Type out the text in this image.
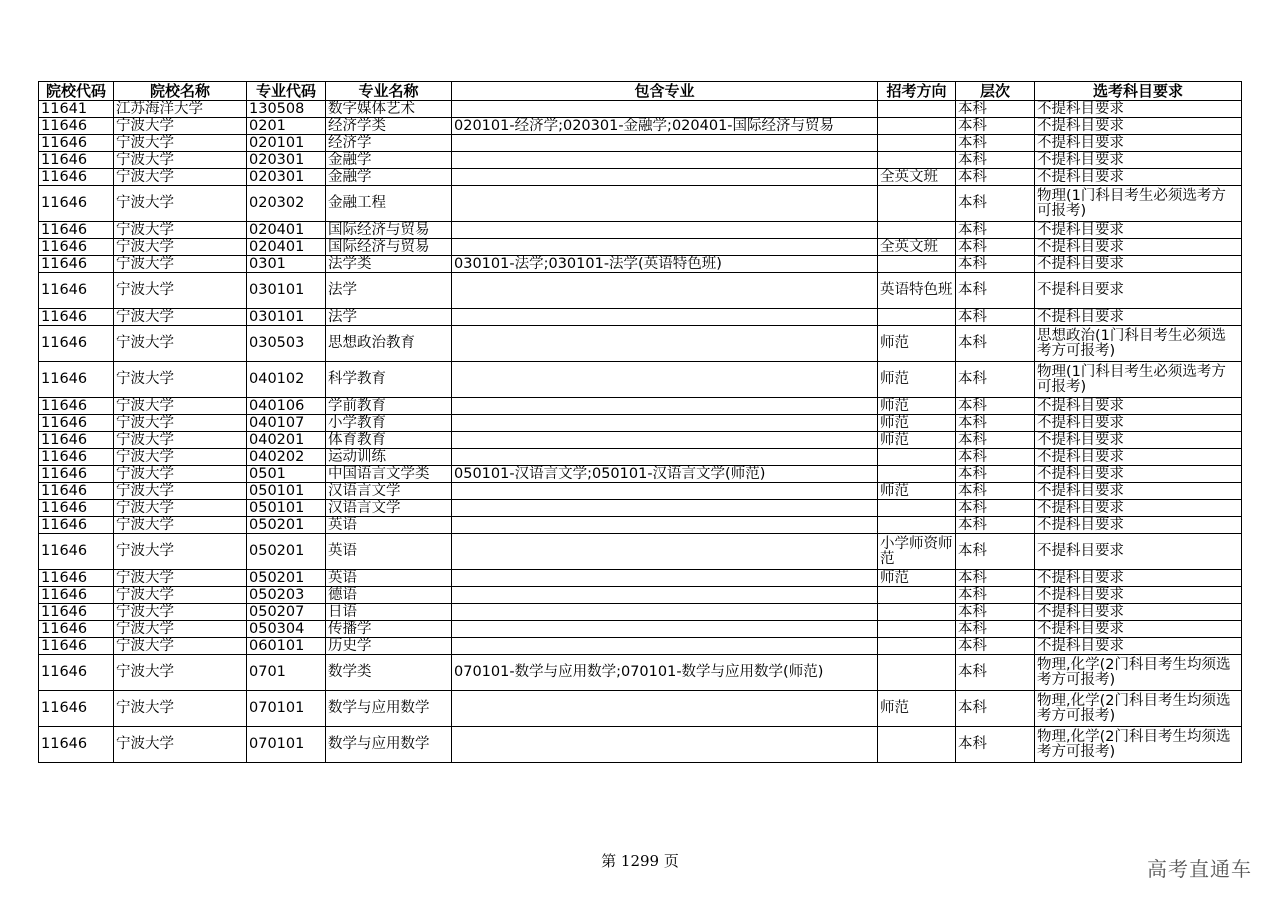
院校代码	院校名称	专业代码	专业名称	包含专业	招考方向	层次	选考科目要求
11641	江苏海洋大学	130508	数字媒体艺术			本科	不提科目要求
11646	宁波大学	0201	经济学类	020101-经济学;020301-金融学;020401-国际经济与贸易		本科	不提科目要求
11646	宁波大学	020101	经济学			本科	不提科目要求
11646	宁波大学	020301	金融学			本科	不提科目要求
11646	宁波大学	020301	金融学		全英文班	本科	不提科目要求
11646	宁波大学	020302	金融工程			本科	物理(1门科目考生必须选考方可报考)
11646	宁波大学	020401	国际经济与贸易			本科	不提科目要求
11646	宁波大学	020401	国际经济与贸易		全英文班	本科	不提科目要求
11646	宁波大学	0301	法学类	030101-法学;030101-法学(英语特色班)		本科	不提科目要求
11646	宁波大学	030101	法学		英语特色班	本科	不提科目要求
11646	宁波大学	030101	法学			本科	不提科目要求
11646	宁波大学	030503	思想政治教育		师范	本科	思想政治(1门科目考生必须选考方可报考)
11646	宁波大学	040102	科学教育		师范	本科	物理(1门科目考生必须选考方可报考)
11646	宁波大学	040106	学前教育		师范	本科	不提科目要求
11646	宁波大学	040107	小学教育		师范	本科	不提科目要求
11646	宁波大学	040201	体育教育		师范	本科	不提科目要求
11646	宁波大学	040202	运动训练			本科	不提科目要求
11646	宁波大学	0501	中国语言文学类	050101-汉语言文学;050101-汉语言文学(师范)		本科	不提科目要求
11646	宁波大学	050101	汉语言文学		师范	本科	不提科目要求
11646	宁波大学	050101	汉语言文学			本科	不提科目要求
11646	宁波大学	050201	英语			本科	不提科目要求
11646	宁波大学	050201	英语		小学师资师范	本科	不提科目要求
11646	宁波大学	050201	英语		师范	本科	不提科目要求
11646	宁波大学	050203	德语			本科	不提科目要求
11646	宁波大学	050207	日语			本科	不提科目要求
11646	宁波大学	050304	传播学			本科	不提科目要求
11646	宁波大学	060101	历史学			本科	不提科目要求
11646	宁波大学	0701	数学类	070101-数学与应用数学;070101-数学与应用数学(师范)		本科	物理,化学(2门科目考生均须选考方可报考)
11646	宁波大学	070101	数学与应用数学		师范	本科	物理,化学(2门科目考生均须选考方可报考)
11646	宁波大学	070101	数学与应用数学			本科	物理,化学(2门科目考生均须选考方可报考)
第 1299 页	高考直通车
